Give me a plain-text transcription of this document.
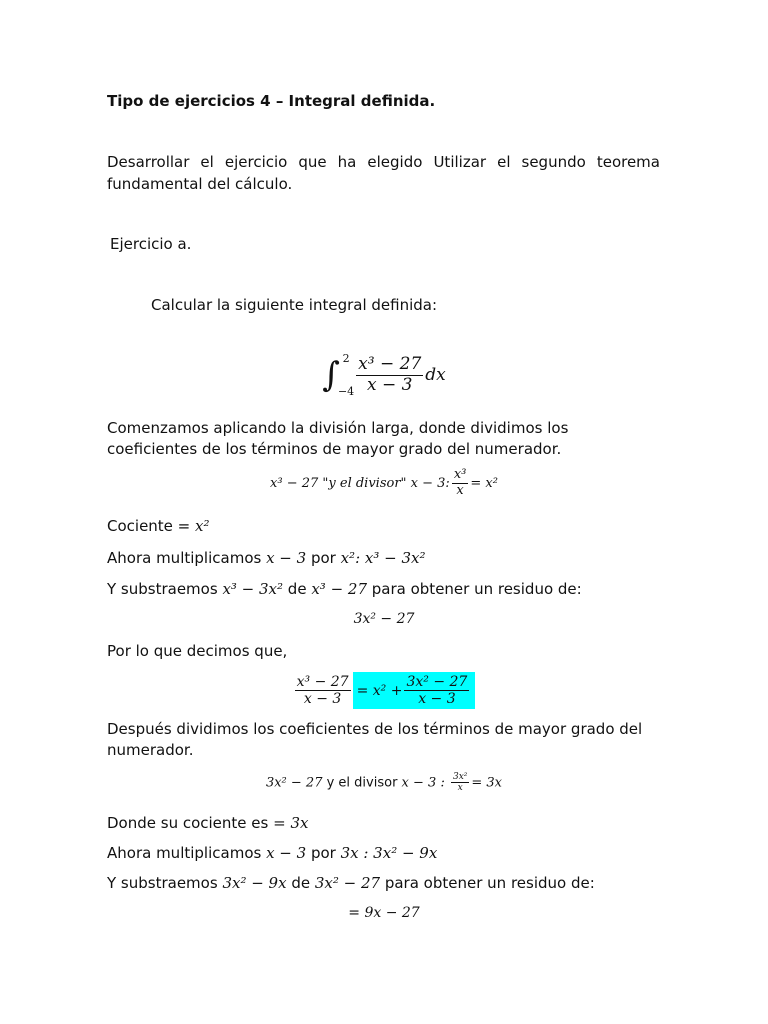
Tipo de ejercicios 4 – Integral definida.
Desarrollar el ejercicio que ha elegido Utilizar el segundo teorema fundamental del cálculo.
Ejercicio a.
Calcular la siguiente integral definida:
∫ 2
$-4 \frac{\text{x³ − 27}}{x - 3}$ dx
Comenzamos aplicando la división larga, donde dividimos los coeficientes de los términos de mayor grado del numerador.
x³ − 27 "y el divisor" x − 3: $\frac{\text{x³}}{x} = x^2$
Cociente = x²
Ahora multiplicamos x − 3 por x²: x³ − 3x²
Y substraemos x³ − 3x² de x³ − 27 para obtener un residuo de:
3x² − 27
Por lo que decimos que,
$\frac{\text{x³ − 27}}{x - 3} = x^2 + \frac{\text{3x² − 27}}{x - 3}$
Después dividimos los coeficientes de los términos de mayor grado del numerador.
3x² − 27 y el divisor x − 3 : $\frac{\text{3x²}}{x} = 3x$
Donde su cociente es = 3x
Ahora multiplicamos x − 3 por 3x : 3x² − 9x
Y substraemos 3x² − 9x de 3x² − 27 para obtener un residuo de:
= 9x − 27
